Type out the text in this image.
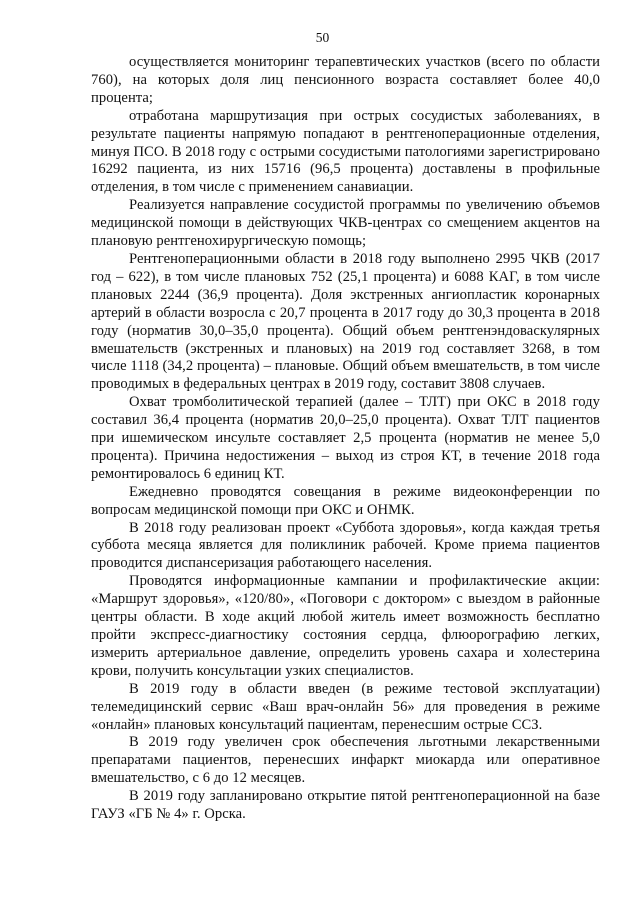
50

осуществляется мониторинг терапевтических участков (всего по области 760), на которых доля лиц пенсионного возраста составляет более 40,0 процента;

отработана маршрутизация при острых сосудистых заболеваниях, в результате пациенты напрямую попадают в рентгеноперационные отделения, минуя ПСО. В 2018 году с острыми сосудистыми патологиями зарегистрировано 16292 пациента, из них 15716 (96,5 процента) доставлены в профильные отделения, в том числе с применением санавиации.

Реализуется направление сосудистой программы по увеличению объемов медицинской помощи в действующих ЧКВ-центрах со смещением акцентов на плановую рентгенохирургическую помощь;

Рентгеноперационными области в 2018 году выполнено 2995 ЧКВ (2017 год – 622), в том числе плановых 752 (25,1 процента) и 6088 КАГ, в том числе плановых 2244 (36,9 процента). Доля экстренных ангиопластик коронарных артерий в области возросла с 20,7 процента в 2017 году до 30,3 процента в 2018 году (норматив 30,0–35,0 процента). Общий объем рентгенэндоваскулярных вмешательств (экстренных и плановых) на 2019 год составляет 3268, в том числе 1118 (34,2 процента) – плановые. Общий объем вмешательств, в том числе проводимых в федеральных центрах в 2019 году, составит 3808 случаев.

Охват тромболитической терапией (далее – ТЛТ) при ОКС в 2018 году составил 36,4 процента (норматив 20,0–25,0 процента). Охват ТЛТ пациентов при ишемическом инсульте составляет 2,5 процента (норматив не менее 5,0 процента). Причина недостижения – выход из строя КТ, в течение 2018 года ремонтировалось 6 единиц КТ.

Ежедневно проводятся совещания в режиме видеоконференции по вопросам медицинской помощи при ОКС и ОНМК.

В 2018 году реализован проект «Суббота здоровья», когда каждая третья суббота месяца является для поликлиник рабочей. Кроме приема пациентов проводится диспансеризация работающего населения.

Проводятся информационные кампании и профилактические акции: «Маршрут здоровья», «120/80», «Поговори с доктором» с выездом в районные центры области. В ходе акций любой житель имеет возможность бесплатно пройти экспресс-диагностику состояния сердца, флюорографию легких, измерить артериальное давление, определить уровень сахара и холестерина крови, получить консультации узких специалистов.

В 2019 году в области введен (в режиме тестовой эксплуатации) телемедицинский сервис «Ваш врач-онлайн 56» для проведения в режиме «онлайн» плановых консультаций пациентам, перенесшим острые ССЗ.

В 2019 году увеличен срок обеспечения льготными лекарственными препаратами пациентов, перенесших инфаркт миокарда или оперативное вмешательство, с 6 до 12 месяцев.

В 2019 году запланировано открытие пятой рентгеноперационной на базе ГАУЗ «ГБ № 4» г. Орска.
